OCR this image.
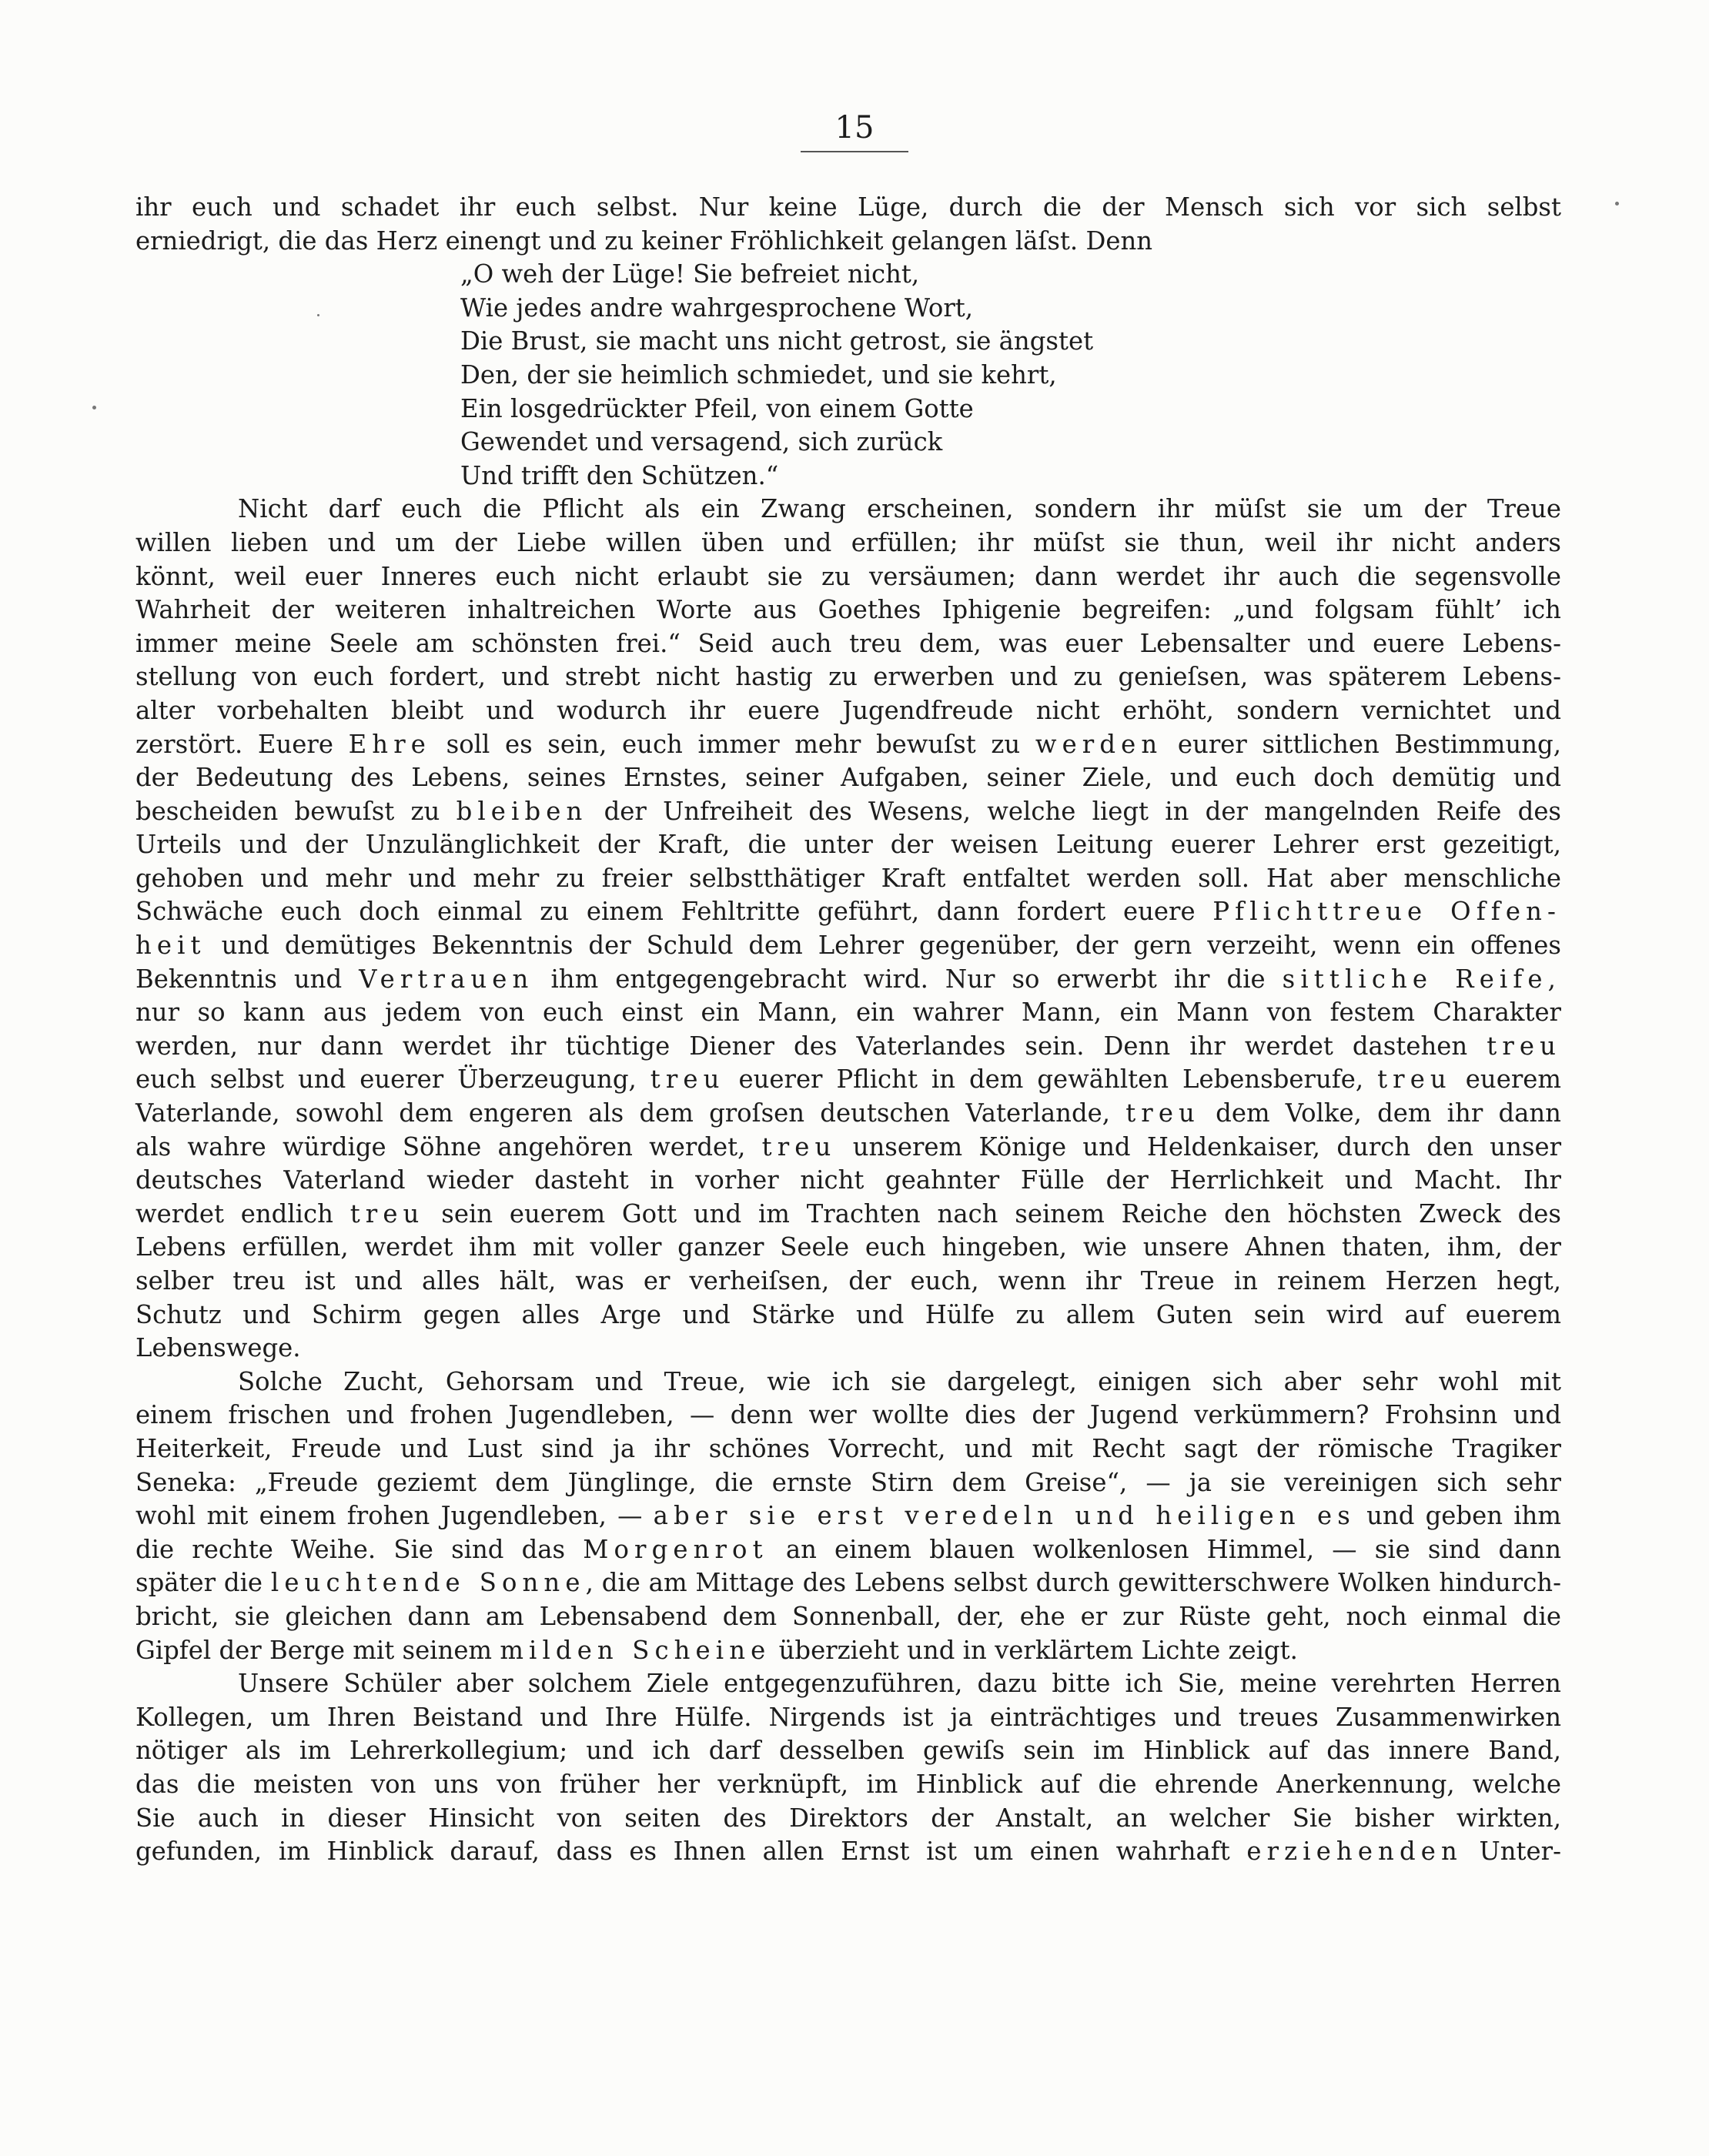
15
ihr euch und schadet ihr euch selbst. Nur keine Lüge, durch die der Mensch sich vor sich selbst
erniedrigt, die das Herz einengt und zu keiner Fröhlichkeit gelangen läſst. Denn
„O weh der Lüge! Sie befreiet nicht,
Wie jedes andre wahrgesprochene Wort,
Die Brust, sie macht uns nicht getrost, sie ängstet
Den, der sie heimlich schmiedet, und sie kehrt,
Ein losgedrückter Pfeil, von einem Gotte
Gewendet und versagend, sich zurück
Und trifft den Schützen.“
Nicht darf euch die Pflicht als ein Zwang erscheinen, sondern ihr müſst sie um der Treue
willen lieben und um der Liebe willen üben und erfüllen; ihr müſst sie thun, weil ihr nicht anders
könnt, weil euer Inneres euch nicht erlaubt sie zu versäumen; dann werdet ihr auch die segensvolle
Wahrheit der weiteren inhaltreichen Worte aus Goethes Iphigenie begreifen: „und folgsam fühlt’ ich
immer meine Seele am schönsten frei.“ Seid auch treu dem, was euer Lebensalter und euere Lebens-
stellung von euch fordert, und strebt nicht hastig zu erwerben und zu genieſsen, was späterem Lebens-
alter vorbehalten bleibt und wodurch ihr euere Jugendfreude nicht erhöht, sondern vernichtet und
zerstört. Euere Ehre soll es sein, euch immer mehr bewuſst zu werden eurer sittlichen Bestimmung,
der Bedeutung des Lebens, seines Ernstes, seiner Aufgaben, seiner Ziele, und euch doch demütig und
bescheiden bewuſst zu bleiben der Unfreiheit des Wesens, welche liegt in der mangelnden Reife des
Urteils und der Unzulänglichkeit der Kraft, die unter der weisen Leitung euerer Lehrer erst gezeitigt,
gehoben und mehr und mehr zu freier selbstthätiger Kraft entfaltet werden soll. Hat aber menschliche
Schwäche euch doch einmal zu einem Fehltritte geführt, dann fordert euere Pflichttreue Offen-
heit und demütiges Bekenntnis der Schuld dem Lehrer gegenüber, der gern verzeiht, wenn ein offenes
Bekenntnis und Vertrauen ihm entgegengebracht wird. Nur so erwerbt ihr die sittliche Reife,
nur so kann aus jedem von euch einst ein Mann, ein wahrer Mann, ein Mann von festem Charakter
werden, nur dann werdet ihr tüchtige Diener des Vaterlandes sein. Denn ihr werdet dastehen treu
euch selbst und euerer Überzeugung, treu euerer Pflicht in dem gewählten Lebensberufe, treu euerem
Vaterlande, sowohl dem engeren als dem groſsen deutschen Vaterlande, treu dem Volke, dem ihr dann
als wahre würdige Söhne angehören werdet, treu unserem Könige und Heldenkaiser, durch den unser
deutsches Vaterland wieder dasteht in vorher nicht geahnter Fülle der Herrlichkeit und Macht. Ihr
werdet endlich treu sein euerem Gott und im Trachten nach seinem Reiche den höchsten Zweck des
Lebens erfüllen, werdet ihm mit voller ganzer Seele euch hingeben, wie unsere Ahnen thaten, ihm, der
selber treu ist und alles hält, was er verheiſsen, der euch, wenn ihr Treue in reinem Herzen hegt,
Schutz und Schirm gegen alles Arge und Stärke und Hülfe zu allem Guten sein wird auf euerem
Lebenswege.
Solche Zucht, Gehorsam und Treue, wie ich sie dargelegt, einigen sich aber sehr wohl mit
einem frischen und frohen Jugendleben, — denn wer wollte dies der Jugend verkümmern? Frohsinn und
Heiterkeit, Freude und Lust sind ja ihr schönes Vorrecht, und mit Recht sagt der römische Tragiker
Seneka: „Freude geziemt dem Jünglinge, die ernste Stirn dem Greise“, — ja sie vereinigen sich sehr
wohl mit einem frohen Jugendleben, — aber sie erst veredeln und heiligen es und geben ihm
die rechte Weihe. Sie sind das Morgenrot an einem blauen wolkenlosen Himmel, — sie sind dann
später die leuchtende Sonne, die am Mittage des Lebens selbst durch gewitterschwere Wolken hindurch-
bricht, sie gleichen dann am Lebensabend dem Sonnenball, der, ehe er zur Rüste geht, noch einmal die
Gipfel der Berge mit seinem milden Scheine überzieht und in verklärtem Lichte zeigt.
Unsere Schüler aber solchem Ziele entgegenzuführen, dazu bitte ich Sie, meine verehrten Herren
Kollegen, um Ihren Beistand und Ihre Hülfe. Nirgends ist ja einträchtiges und treues Zusammenwirken
nötiger als im Lehrerkollegium; und ich darf desselben gewiſs sein im Hinblick auf das innere Band,
das die meisten von uns von früher her verknüpft, im Hinblick auf die ehrende Anerkennung, welche
Sie auch in dieser Hinsicht von seiten des Direktors der Anstalt, an welcher Sie bisher wirkten,
gefunden, im Hinblick darauf, dass es Ihnen allen Ernst ist um einen wahrhaft erziehenden Unter-
